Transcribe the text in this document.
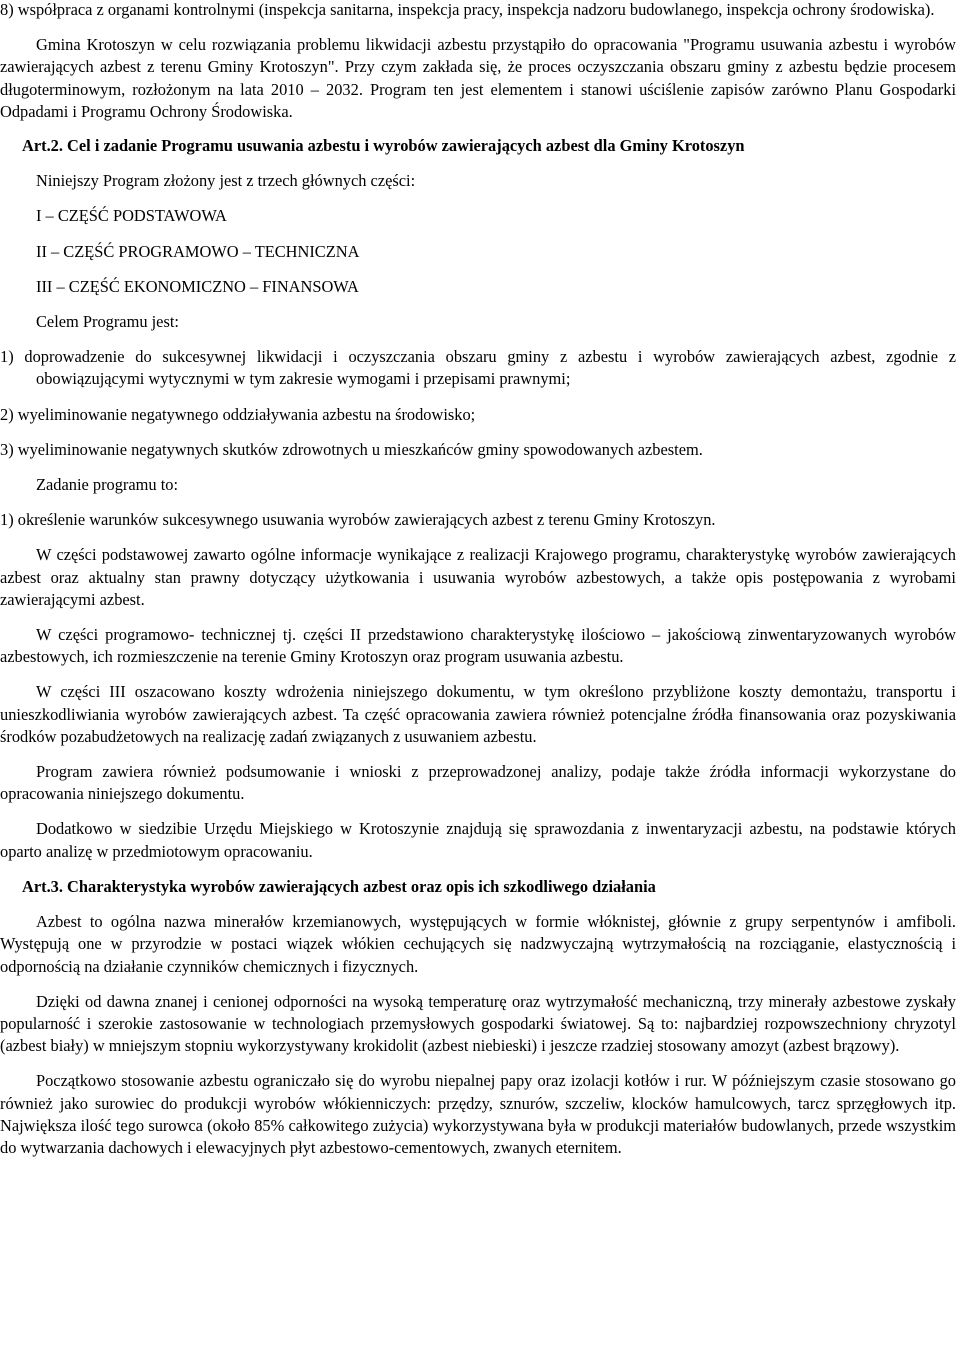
8) współpraca z organami kontrolnymi (inspekcja sanitarna, inspekcja pracy, inspekcja nadzoru budowlanego, inspekcja ochrony środowiska).

Gmina Krotoszyn w celu rozwiązania problemu likwidacji azbestu przystąpiło do opracowania "Programu usuwania azbestu i wyrobów zawierających azbest z terenu Gminy Krotoszyn". Przy czym zakłada się, że proces oczyszczania obszaru gminy z azbestu będzie procesem długoterminowym, rozłożonym na lata 2010 – 2032. Program ten jest elementem i stanowi uściślenie zapisów zarówno Planu Gospodarki Odpadami i Programu Ochrony Środowiska.

Art.2. Cel i zadanie Programu usuwania azbestu i wyrobów zawierających azbest dla Gminy Krotoszyn

Niniejszy Program złożony jest z trzech głównych części:

I – CZĘŚĆ PODSTAWOWA

II – CZĘŚĆ PROGRAMOWO – TECHNICZNA

III – CZĘŚĆ EKONOMICZNO – FINANSOWA

Celem Programu jest:

1) doprowadzenie do sukcesywnej likwidacji i oczyszczania obszaru gminy z azbestu i wyrobów zawierających azbest, zgodnie z obowiązującymi wytycznymi w tym zakresie wymogami i przepisami prawnymi;

2) wyeliminowanie negatywnego oddziaływania azbestu na środowisko;

3) wyeliminowanie negatywnych skutków zdrowotnych u mieszkańców gminy spowodowanych azbestem.

Zadanie programu to:

1) określenie warunków sukcesywnego usuwania wyrobów zawierających azbest z terenu Gminy Krotoszyn.

W części podstawowej zawarto ogólne informacje wynikające z realizacji Krajowego programu, charakterystykę wyrobów zawierających azbest oraz aktualny stan prawny dotyczący użytkowania i usuwania wyrobów azbestowych, a także opis postępowania z wyrobami zawierającymi azbest.

W części programowo- technicznej tj. części II przedstawiono charakterystykę ilościowo – jakościową zinwentaryzowanych wyrobów azbestowych, ich rozmieszczenie na terenie Gminy Krotoszyn oraz program usuwania azbestu.

W części III oszacowano koszty wdrożenia niniejszego dokumentu, w tym określono przybliżone koszty demontażu, transportu i unieszkodliwiania wyrobów zawierających azbest. Ta część opracowania zawiera również potencjalne źródła finansowania oraz pozyskiwania środków pozabudżetowych na realizację zadań związanych z usuwaniem azbestu.

Program zawiera również podsumowanie i wnioski z przeprowadzonej analizy, podaje także źródła informacji wykorzystane do opracowania niniejszego dokumentu.

Dodatkowo w siedzibie Urzędu Miejskiego w Krotoszynie znajdują się sprawozdania z inwentaryzacji azbestu, na podstawie których oparto analizę w przedmiotowym opracowaniu.

Art.3. Charakterystyka wyrobów zawierających azbest oraz opis ich szkodliwego działania

Azbest to ogólna nazwa minerałów krzemianowych, występujących w formie włóknistej, głównie z grupy serpentynów i amfiboli. Występują one w przyrodzie w postaci wiązek włókien cechujących się nadzwyczajną wytrzymałością na rozciąganie, elastycznością i odpornością na działanie czynników chemicznych i fizycznych.

Dzięki od dawna znanej i cenionej odporności na wysoką temperaturę oraz wytrzymałość mechaniczną, trzy minerały azbestowe zyskały popularność i szerokie zastosowanie w technologiach przemysłowych gospodarki światowej. Są to: najbardziej rozpowszechniony chryzotyl (azbest biały) w mniejszym stopniu wykorzystywany krokidolit (azbest niebieski) i jeszcze rzadziej stosowany amozyt (azbest brązowy).

Początkowo stosowanie azbestu ograniczało się do wyrobu niepalnej papy oraz izolacji kotłów i rur. W późniejszym czasie stosowano go również jako surowiec do produkcji wyrobów włókienniczych: przędzy, sznurów, szczeliw, klocków hamulcowych, tarcz sprzęgłowych itp. Największa ilość tego surowca (około 85% całkowitego zużycia) wykorzystywana była w produkcji materiałów budowlanych, przede wszystkim do wytwarzania dachowych i elewacyjnych płyt azbestowo-cementowych, zwanych eternitem.
